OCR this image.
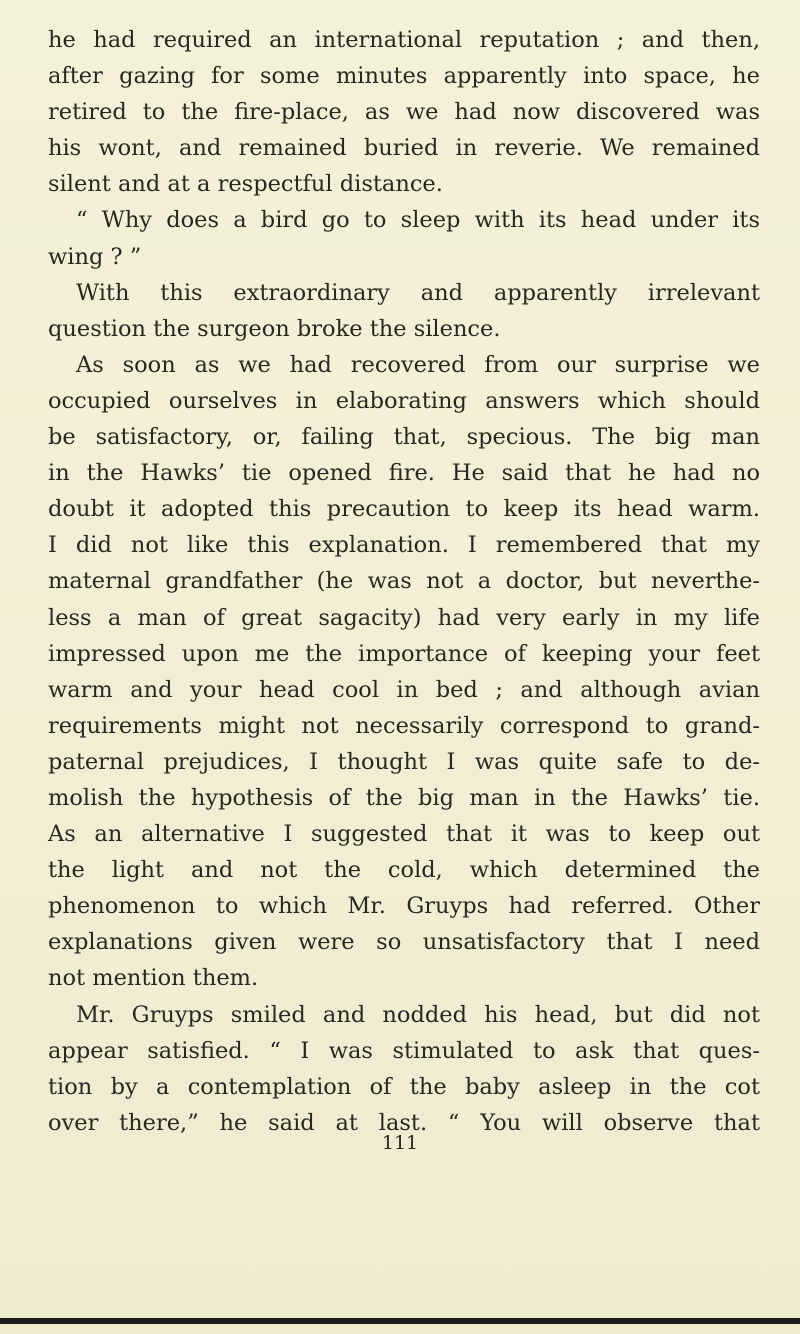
he had required an international reputation ; and then,
after gazing for some minutes apparently into space, he
retired to the fire-place, as we had now discovered was
his wont, and remained buried in reverie. We remained
silent and at a respectful distance.
“ Why does a bird go to sleep with its head under its
wing ? ”
With this extraordinary and apparently irrelevant
question the surgeon broke the silence.
As soon as we had recovered from our surprise we
occupied ourselves in elaborating answers which should
be satisfactory, or, failing that, specious. The big man
in the Hawks’ tie opened fire. He said that he had no
doubt it adopted this precaution to keep its head warm.
I did not like this explanation. I remembered that my
maternal grandfather (he was not a doctor, but neverthe-
less a man of great sagacity) had very early in my life
impressed upon me the importance of keeping your feet
warm and your head cool in bed ; and although avian
requirements might not necessarily correspond to grand-
paternal prejudices, I thought I was quite safe to de-
molish the hypothesis of the big man in the Hawks’ tie.
As an alternative I suggested that it was to keep out
the light and not the cold, which determined the
phenomenon to which Mr. Gruyps had referred. Other
explanations given were so unsatisfactory that I need
not mention them.
Mr. Gruyps smiled and nodded his head, but did not
appear satisfied. “ I was stimulated to ask that ques-
tion by a contemplation of the baby asleep in the cot
over there,” he said at last. “ You will observe that
111
